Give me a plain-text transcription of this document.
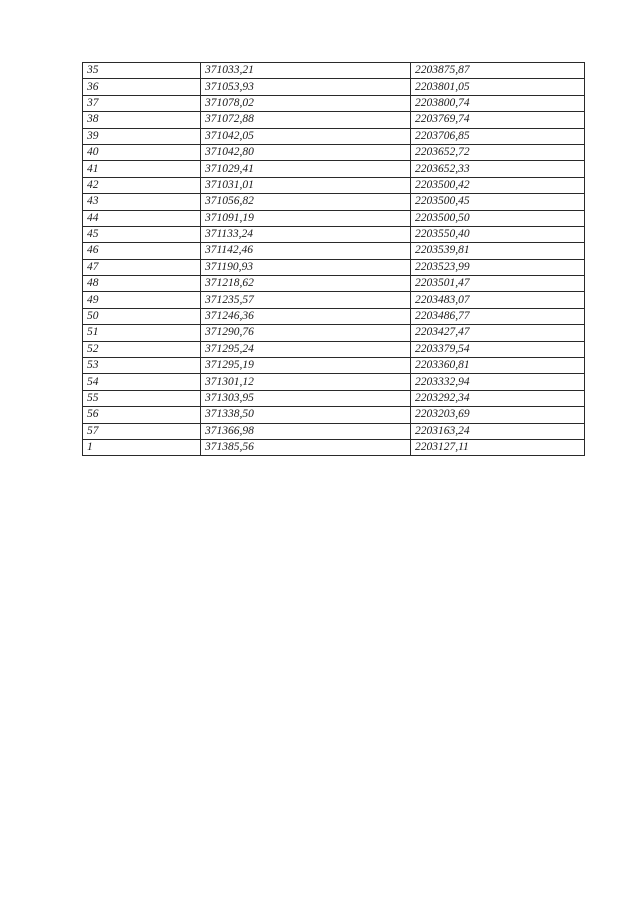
35	371033,21	2203875,87
36	371053,93	2203801,05
37	371078,02	2203800,74
38	371072,88	2203769,74
39	371042,05	2203706,85
40	371042,80	2203652,72
41	371029,41	2203652,33
42	371031,01	2203500,42
43	371056,82	2203500,45
44	371091,19	2203500,50
45	371133,24	2203550,40
46	371142,46	2203539,81
47	371190,93	2203523,99
48	371218,62	2203501,47
49	371235,57	2203483,07
50	371246,36	2203486,77
51	371290,76	2203427,47
52	371295,24	2203379,54
53	371295,19	2203360,81
54	371301,12	2203332,94
55	371303,95	2203292,34
56	371338,50	2203203,69
57	371366,98	2203163,24
1	371385,56	2203127,11
